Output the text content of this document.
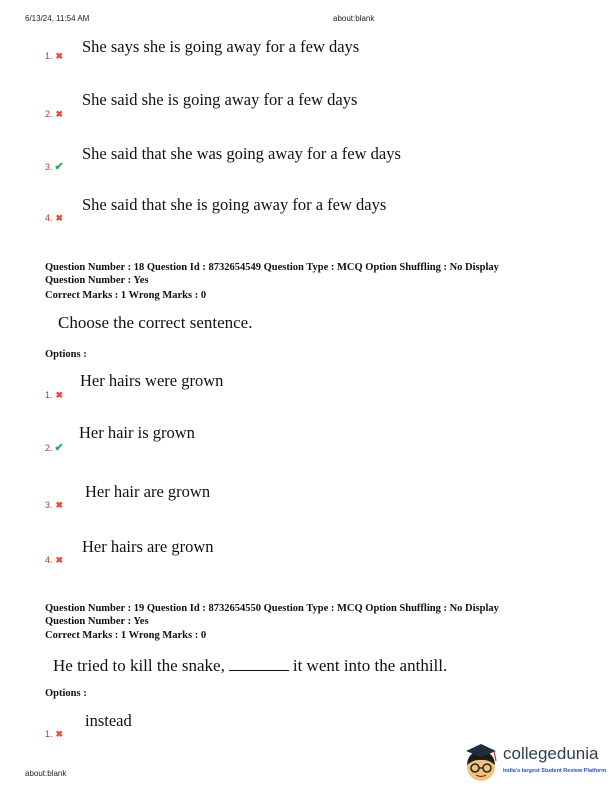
6/13/24, 11:54 AM	about:blank
She says she is going away for a few days
1. ✖
She said she is going away for a few days
2. ✖
She said that she was going away for a few days
3. ✔
She said that she is going away for a few days
4. ✖
Question Number : 18 Question Id : 8732654549 Question Type : MCQ Option Shuffling : No Display
Question Number : Yes
Correct Marks : 1 Wrong Marks : 0
Choose the correct sentence.
Options :
Her hairs were grown
1. ✖
Her hair is grown
2. ✔
Her hair are grown
3. ✖
Her hairs are grown
4. ✖
Question Number : 19 Question Id : 8732654550 Question Type : MCQ Option Shuffling : No Display
Question Number : Yes
Correct Marks : 1 Wrong Marks : 0
He tried to kill the snake,	it went into the anthill.
Options :
instead
1. ✖
about:blank
collegedunia
India's largest Student Review Platform
